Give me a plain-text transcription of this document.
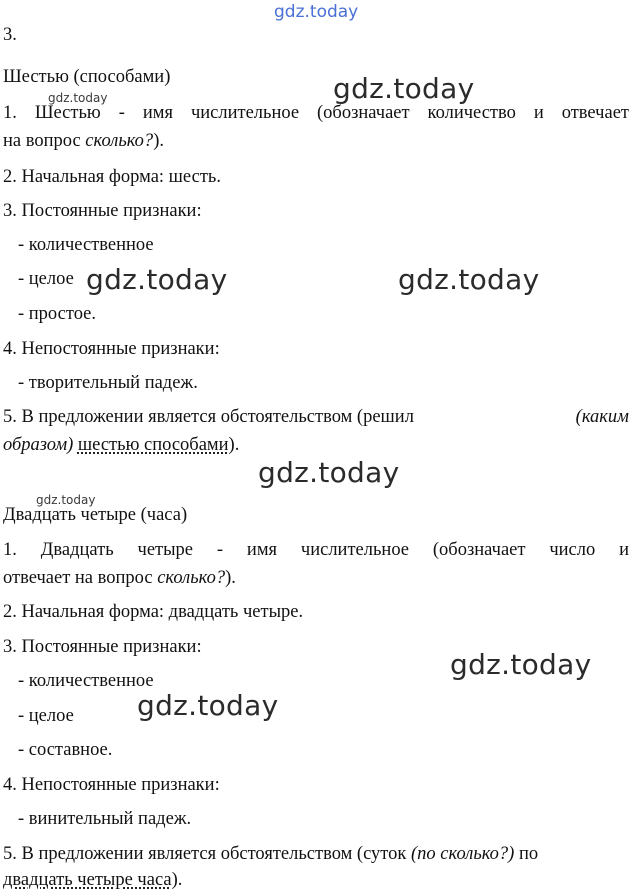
gdz.today
gdz.today
gdz.today
gdz.today	gdz.today
gdz.today
gdz.today
gdz.today
gdz.today
3.
Шестью (способами)
1. Шестью - имя числительное (обозначает количество и отвечает
на вопрос сколько?).
2. Начальная форма: шесть.
3. Постоянные признаки:
- количественное
- целое
- простое.
4. Непостоянные признаки:
- творительный падеж.
5. В предложении является обстоятельством (решил	(каким
образом) шестью способами).
Двадцать четыре (часа)
1. Двадцать четыре - имя числительное (обозначает число и
отвечает на вопрос сколько?).
2. Начальная форма: двадцать четыре.
3. Постоянные признаки:
- количественное
- целое
- составное.
4. Непостоянные признаки:
- винительный падеж.
5. В предложении является обстоятельством (суток (по сколько?) по
двадцать четыре часа).
